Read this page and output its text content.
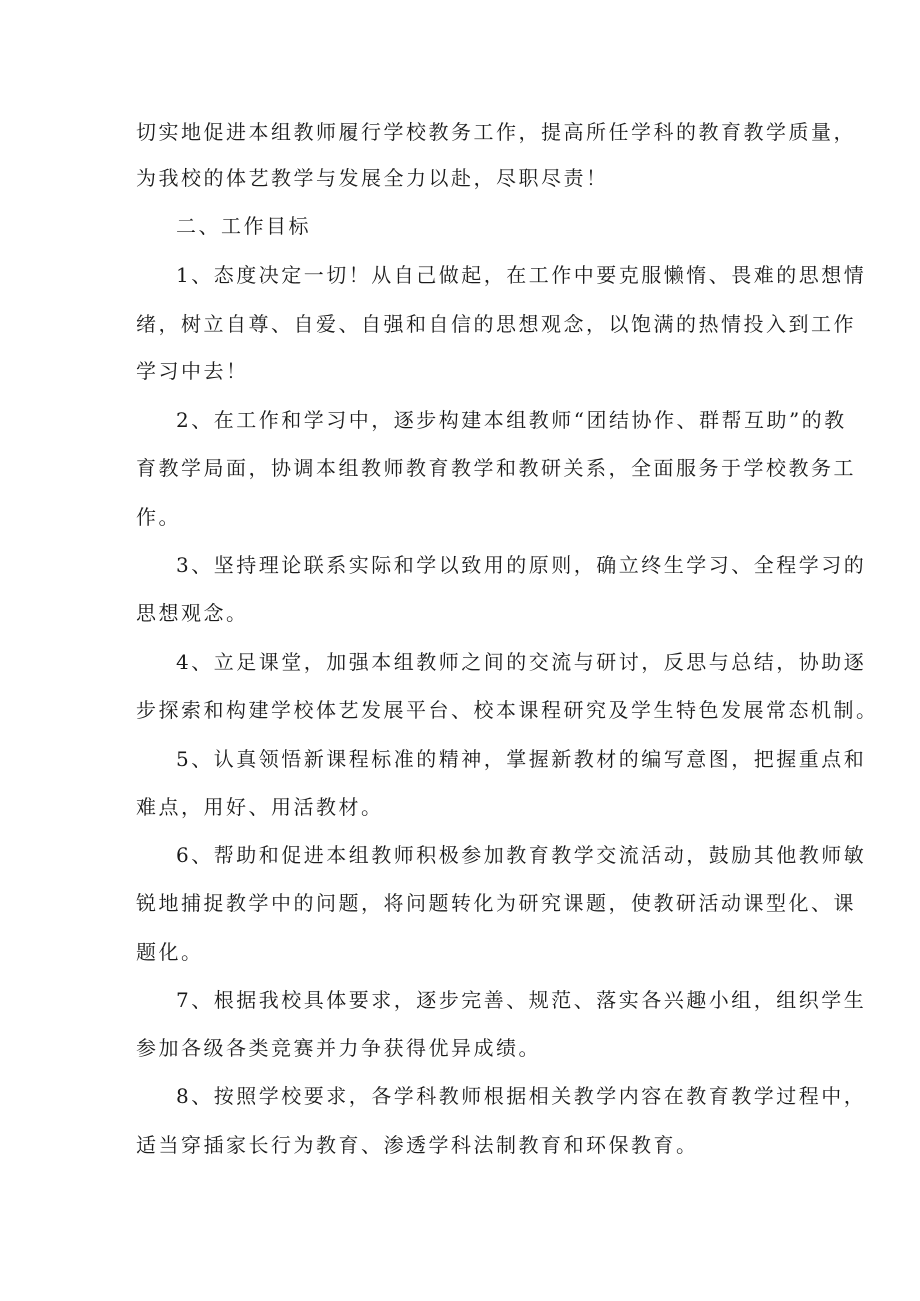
切实地促进本组教师履行学校教务工作，提高所任学科的教育教学质量，
为我校的体艺教学与发展全力以赴，尽职尽责！
二、工作目标
1、态度决定一切！从自己做起，在工作中要克服懒惰、畏难的思想情
绪，树立自尊、自爱、自强和自信的思想观念，以饱满的热情投入到工作
学习中去！
2、在工作和学习中，逐步构建本组教师“团结协作、群帮互助”的教
育教学局面，协调本组教师教育教学和教研关系，全面服务于学校教务工
作。
3、坚持理论联系实际和学以致用的原则，确立终生学习、全程学习的
思想观念。
4、立足课堂，加强本组教师之间的交流与研讨，反思与总结，协助逐
步探索和构建学校体艺发展平台、校本课程研究及学生特色发展常态机制。
5、认真领悟新课程标准的精神，掌握新教材的编写意图，把握重点和
难点，用好、用活教材。
6、帮助和促进本组教师积极参加教育教学交流活动，鼓励其他教师敏
锐地捕捉教学中的问题，将问题转化为研究课题，使教研活动课型化、课
题化。
7、根据我校具体要求，逐步完善、规范、落实各兴趣小组，组织学生
参加各级各类竞赛并力争获得优异成绩。
8、按照学校要求，各学科教师根据相关教学内容在教育教学过程中，
适当穿插家长行为教育、渗透学科法制教育和环保教育。
